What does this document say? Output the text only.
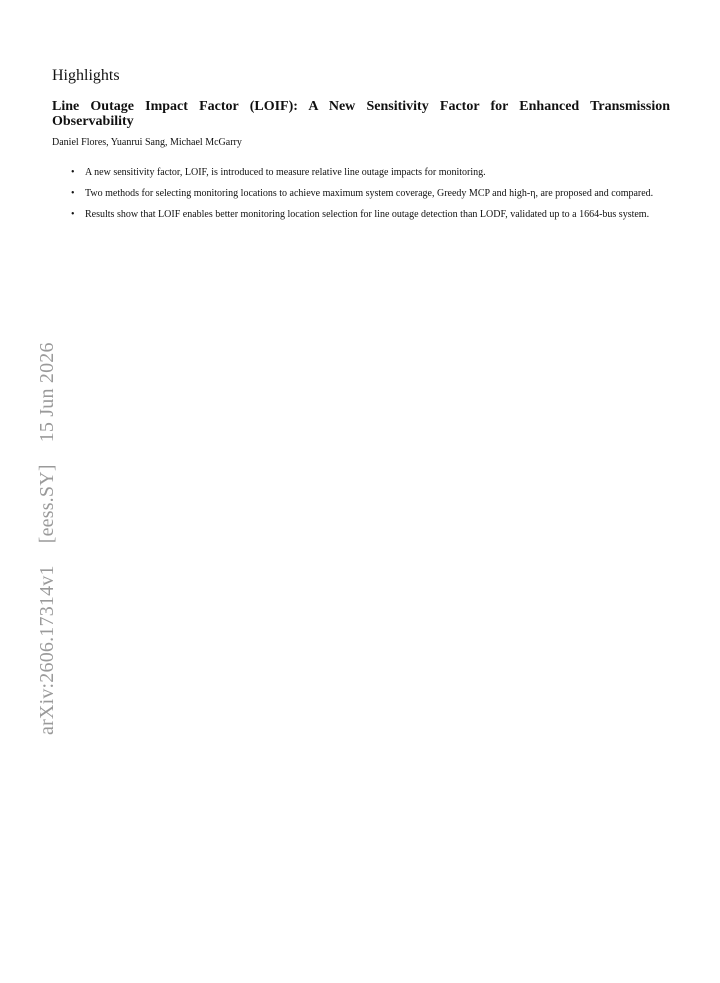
arXiv:2606.17314v1[eess.SY]15 Jun 2026
Highlights
Line Outage Impact Factor (LOIF): A New Sensitivity Factor for Enhanced Transmission Observability
Daniel Flores, Yuanrui Sang, Michael McGarry
• A new sensitivity factor, LOIF, is introduced to measure relative line outage impacts for monitoring.
• Two methods for selecting monitoring locations to achieve maximum system coverage, Greedy MCP and high-η, are proposed and compared.
• Results show that LOIF enables better monitoring location selection for line outage detection than LODF, validated up to a 1664-bus system.
